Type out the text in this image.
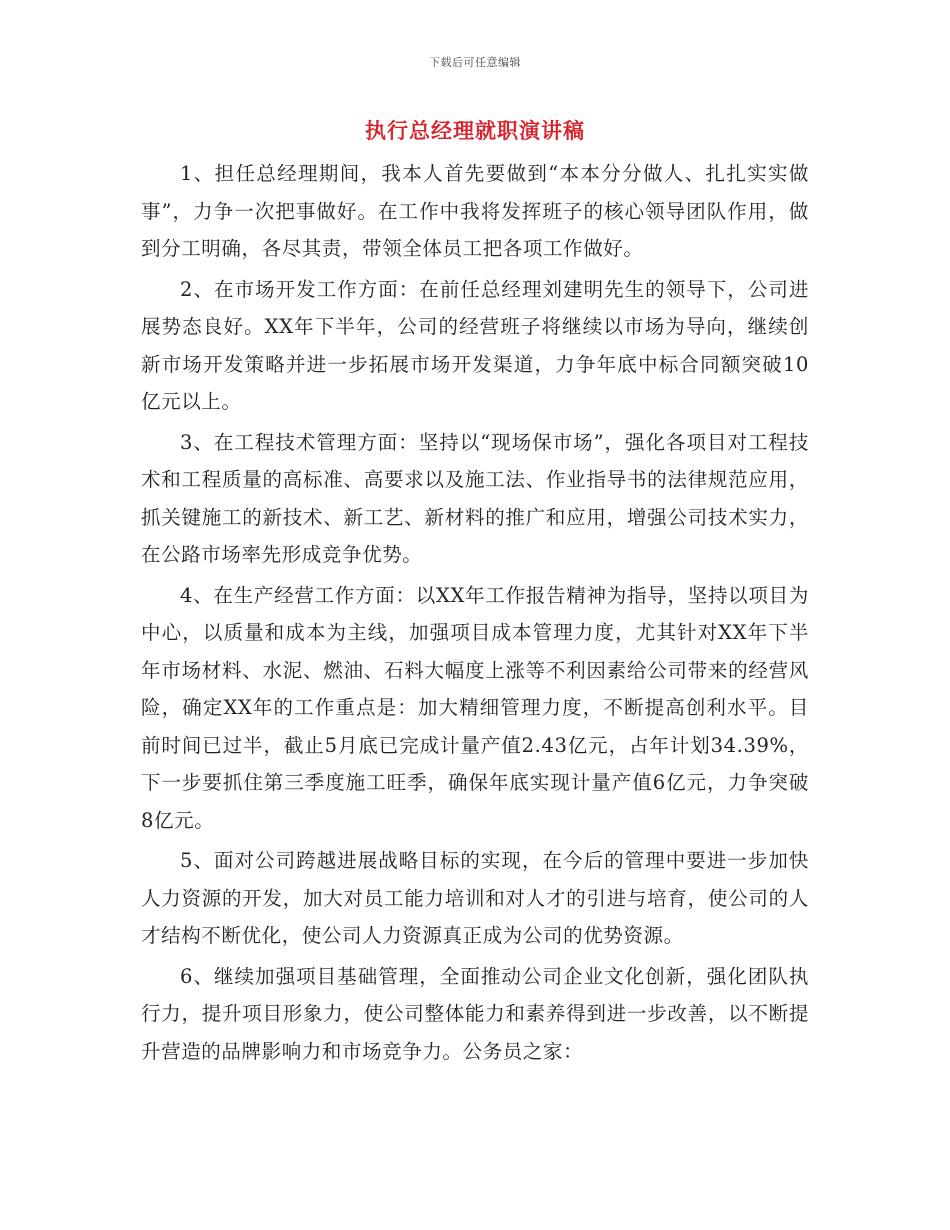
下载后可任意编辑
执行总经理就职演讲稿

1、担任总经理期间，我本人首先要做到“本本分分做人、扎扎实实做事”，力争一次把事做好。在工作中我将发挥班子的核心领导团队作用，做到分工明确，各尽其责，带领全体员工把各项工作做好。

2、在市场开发工作方面：在前任总经理刘建明先生的领导下，公司进展势态良好。XX年下半年，公司的经营班子将继续以市场为导向，继续创新市场开发策略并进一步拓展市场开发渠道，力争年底中标合同额突破10亿元以上。

3、在工程技术管理方面：坚持以“现场保市场”，强化各项目对工程技术和工程质量的高标准、高要求以及施工法、作业指导书的法律规范应用，抓关键施工的新技术、新工艺、新材料的推广和应用，增强公司技术实力，在公路市场率先形成竞争优势。

4、在生产经营工作方面：以XX年工作报告精神为指导，坚持以项目为中心，以质量和成本为主线，加强项目成本管理力度，尤其针对XX年下半年市场材料、水泥、燃油、石料大幅度上涨等不利因素给公司带来的经营风险，确定XX年的工作重点是：加大精细管理力度，不断提高创利水平。目前时间已过半，截止5月底已完成计量产值2.43亿元，占年计划34.39%，下一步要抓住第三季度施工旺季，确保年底实现计量产值6亿元，力争突破8亿元。

5、面对公司跨越进展战略目标的实现，在今后的管理中要进一步加快人力资源的开发，加大对员工能力培训和对人才的引进与培育，使公司的人才结构不断优化，使公司人力资源真正成为公司的优势资源。

6、继续加强项目基础管理，全面推动公司企业文化创新，强化团队执行力，提升项目形象力，使公司整体能力和素养得到进一步改善，以不断提升营造的品牌影响力和市场竞争力。公务员之家：
